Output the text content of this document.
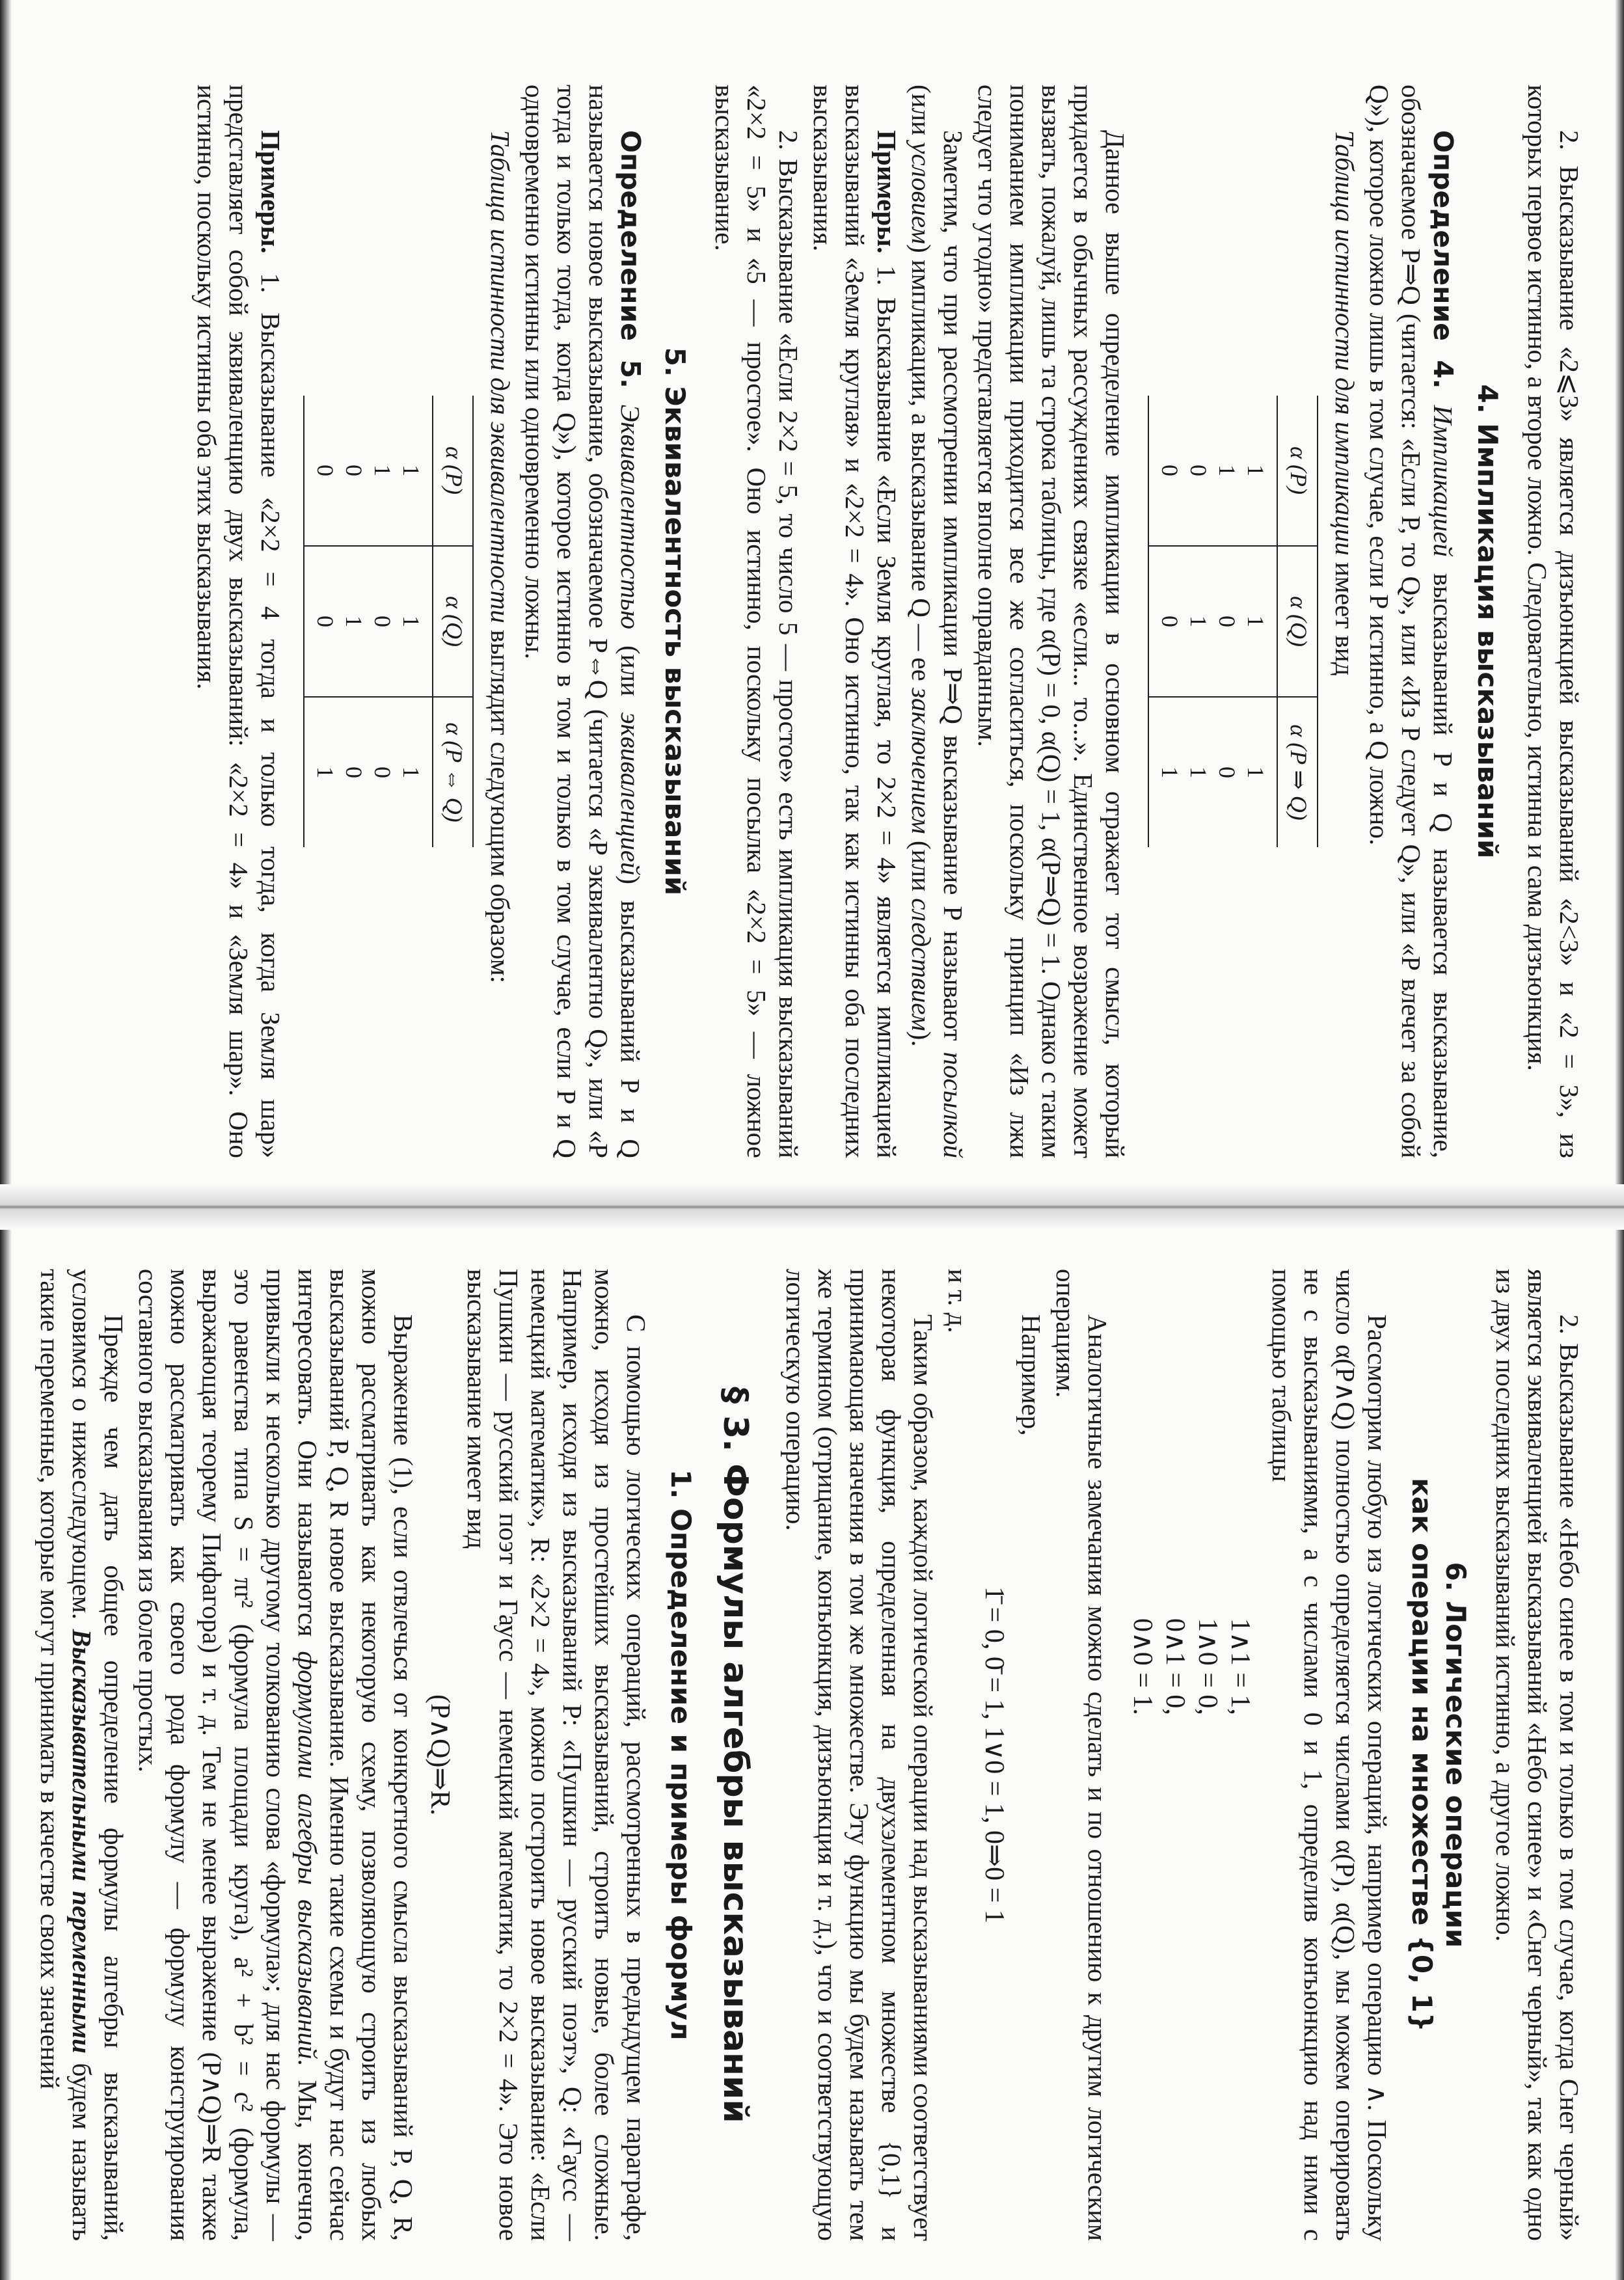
2. Высказывание «2⩽3» является дизъюнкцией высказываний «2<3» и «2 = 3», из которых первое истинно, а второе ложно. Следовательно, истинна и сама дизъюнкция.

4. Импликация высказываний

Определение 4. Импликацией высказываний P и Q называется высказывание, обозначаемое P⇒Q (читается: «Если P, то Q», или «Из P следует Q», или «P влечет за собой Q»), которое ложно лишь в том случае, если P истинно, а Q ложно.

Таблица истинности для импликации имеет вид

α (P)	α (Q)	α (P ⇒ Q)
1	1	1
1	0	0
0	1	1
0	0	1

Данное выше определение импликации в основном отражает тот смысл, который придается в обычных рассуждениях связке «если... то...». Единственное возражение может вызвать, пожалуй, лишь та строка таблицы, где α(P) = 0, α(Q) = 1, α(P⇒Q) = 1. Однако с таким пониманием импликации приходится все же согласиться, поскольку принцип «Из лжи следует что угодно» представляется вполне оправданным.

Заметим, что при рассмотрении импликации P⇒Q высказывание P называют посылкой (или условием) импликации, а высказывание Q — ее заключением (или следствием).

Примеры. 1. Высказывание «Если Земля круглая, то 2×2 = 4» является импликацией высказываний «Земля круглая» и «2×2 = 4». Оно истинно, так как истинны оба последних высказывания.

2. Высказывание «Если 2×2 = 5, то число 5 — простое» есть импликация высказываний «2×2 = 5» и «5 — простое». Оно истинно, поскольку посылка «2×2 = 5» — ложное высказывание.

5. Эквивалентность высказываний

Определение 5. Эквивалентностью (или эквиваленцией) высказываний P и Q называется новое высказывание, обозначаемое P⇔Q (читается «P эквивалентно Q», или «P тогда и только тогда, когда Q»), которое истинно в том и только в том случае, если P и Q одновременно истинны или одновременно ложны.

Таблица истинности для эквивалентности выглядит следующим образом:

α (P)	α (Q)	α (P ⇔ Q)
1	1	1
1	0	0
0	1	0
0	0	1

Примеры. 1. Высказывание «2×2 = 4 тогда и только тогда, когда Земля шар» представляет собой эквиваленцию двух высказываний: «2×2 = 4» и «Земля шар». Оно истинно, поскольку истинны оба этих высказывания.

2. Высказывание «Небо синее в том и только в том случае, когда Снег черный» является эквиваленцией высказываний «Небо синее» и «Снег черный», так как одно из двух последних высказываний истинно, а другое ложно.

6. Логические операции
как операции на множестве {0, 1}

Рассмотрим любую из логических операций, например операцию ∧. Поскольку число α(P∧Q) полностью определяется числами α(P), α(Q), мы можем оперировать не с высказываниями, а с числами 0 и 1, определив конъюнкцию над ними с помощью таблицы

1∧1 = 1,
1∧0 = 0,
0∧1 = 0,
0∧0 = 1.

Аналогичные замечания можно сделать и по отношению к другим логическим операциям.

Например,

1̄ = 0, 0̄ = 1, 1∨0 = 1, 0⇒0 = 1

и т. д.

Таким образом, каждой логической операции над высказываниями соответствует некоторая функция, определенная на двухэлементном множестве {0,1} и принимающая значения в том же множестве. Эту функцию мы будем называть тем же термином (отрицание, конъюнкция, дизъюнкция и т. д.), что и соответствующую логическую операцию.

§ 3. Формулы алгебры высказываний
1. Определение и примеры формул

С помощью логических операций, рассмотренных в предыдущем параграфе, можно, исходя из простейших высказываний, строить новые, более сложные. Например, исходя из высказываний P: «Пушкин — русский поэт», Q: «Гаусс — немецкий математик», R: «2×2 = 4», можно построить новое высказывание: «Если Пушкин — русский поэт и Гаусс — немецкий математик, то 2×2 = 4». Это новое высказывание имеет вид

(P∧Q)⇒R.

Выражение (1), если отвлечься от конкретного смысла высказываний P, Q, R, можно рассматривать как некоторую схему, позволяющую строить из любых высказываний P, Q, R новое высказывание. Именно такие схемы и будут нас сейчас интересовать. Они называются формулами алгебры высказываний. Мы, конечно, привыкли к несколько другому толкованию слова «формула»; для нас формулы — это равенства типа S = πr² (формула площади круга), a² + b² = c² (формула, выражающая теорему Пифагора) и т. д. Тем не менее выражение (P∧Q)⇒R также можно рассматривать как своего рода формулу — формулу конструирования составного высказывания из более простых.

Прежде чем дать общее определение формулы алгебры высказываний, условимся о нижеследующем. Высказывательными переменными будем называть такие переменные, которые могут принимать в качестве своих значений
